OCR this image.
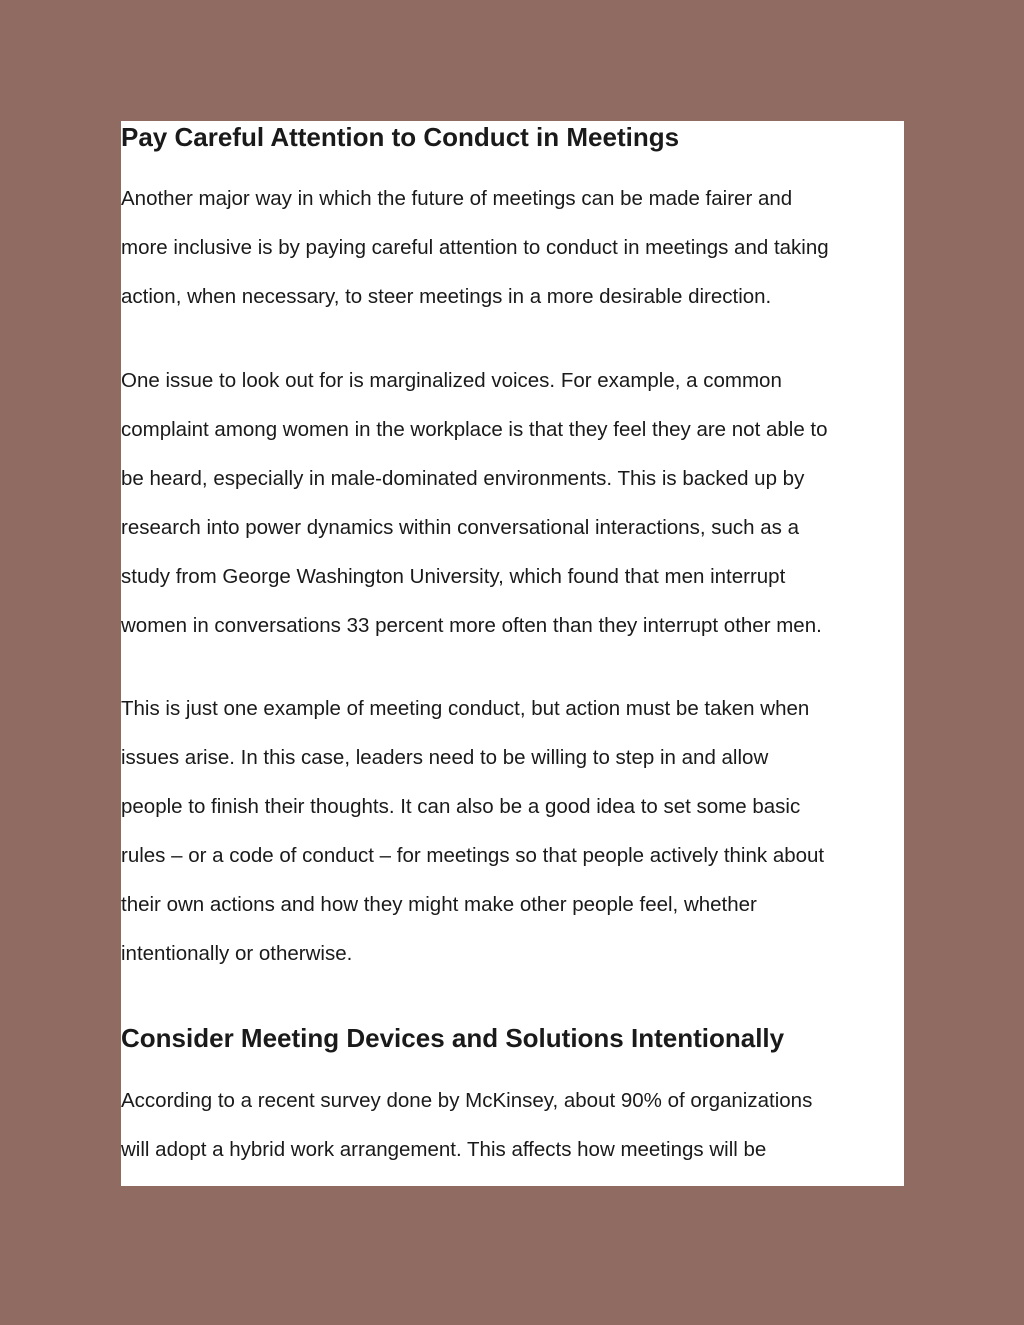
Pay Careful Attention to Conduct in Meetings

Another major way in which the future of meetings can be made fairer and
more inclusive is by paying careful attention to conduct in meetings and taking
action, when necessary, to steer meetings in a more desirable direction.

One issue to look out for is marginalized voices. For example, a common
complaint among women in the workplace is that they feel they are not able to
be heard, especially in male-dominated environments. This is backed up by
research into power dynamics within conversational interactions, such as a
study from George Washington University, which found that men interrupt
women in conversations 33 percent more often than they interrupt other men.

This is just one example of meeting conduct, but action must be taken when
issues arise. In this case, leaders need to be willing to step in and allow
people to finish their thoughts. It can also be a good idea to set some basic
rules – or a code of conduct – for meetings so that people actively think about
their own actions and how they might make other people feel, whether
intentionally or otherwise.

Consider Meeting Devices and Solutions Intentionally

According to a recent survey done by McKinsey, about 90% of organizations
will adopt a hybrid work arrangement. This affects how meetings will be
